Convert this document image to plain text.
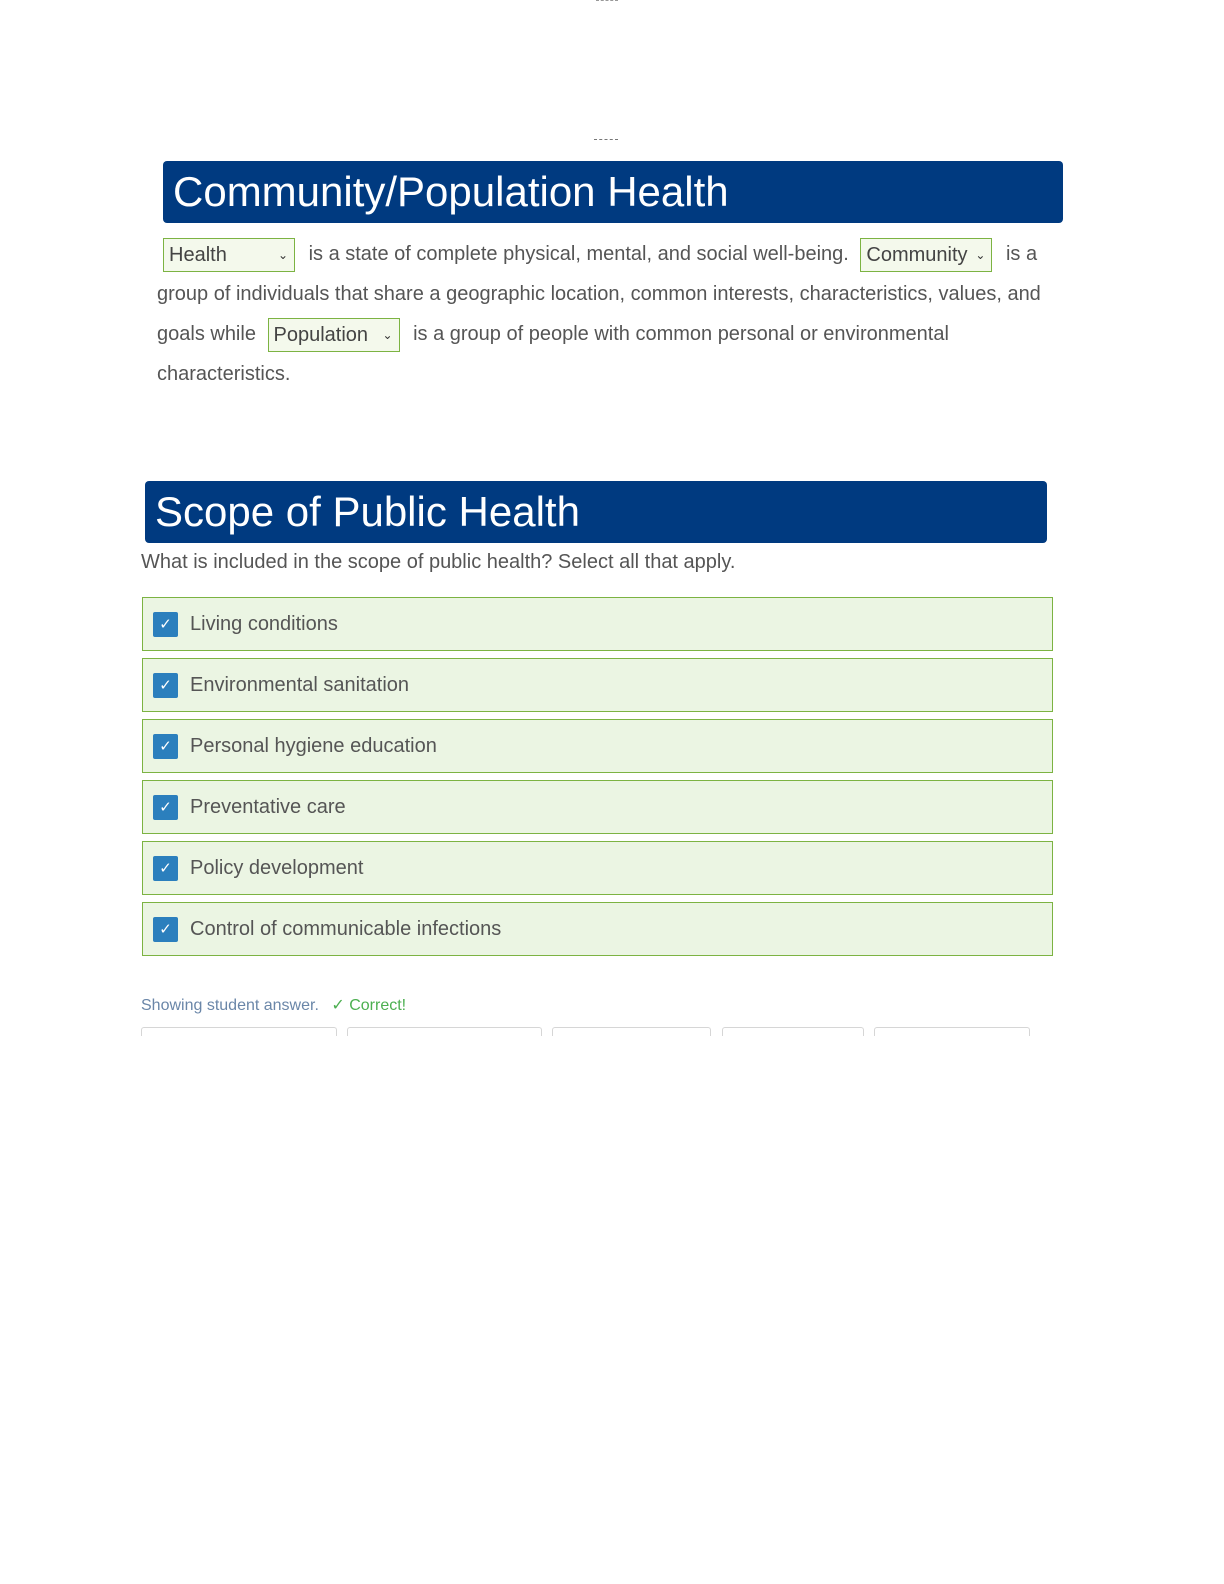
Community/Population Health
Health	⌄ is a state of complete physical, mental, and social well-being. Community ⌄ is a group of individuals that share a geographic location, common interests, characteristics, values, and goals while Population ⌄ is a group of people with common personal or environmental characteristics.
Scope of Public Health
What is included in the scope of public health? Select all that apply.
✓ Living conditions
✓ Environmental sanitation
✓ Personal hygiene education
✓ Preventative care
✓ Policy development
✓ Control of communicable infections
Showing student answer. ✓ Correct!
